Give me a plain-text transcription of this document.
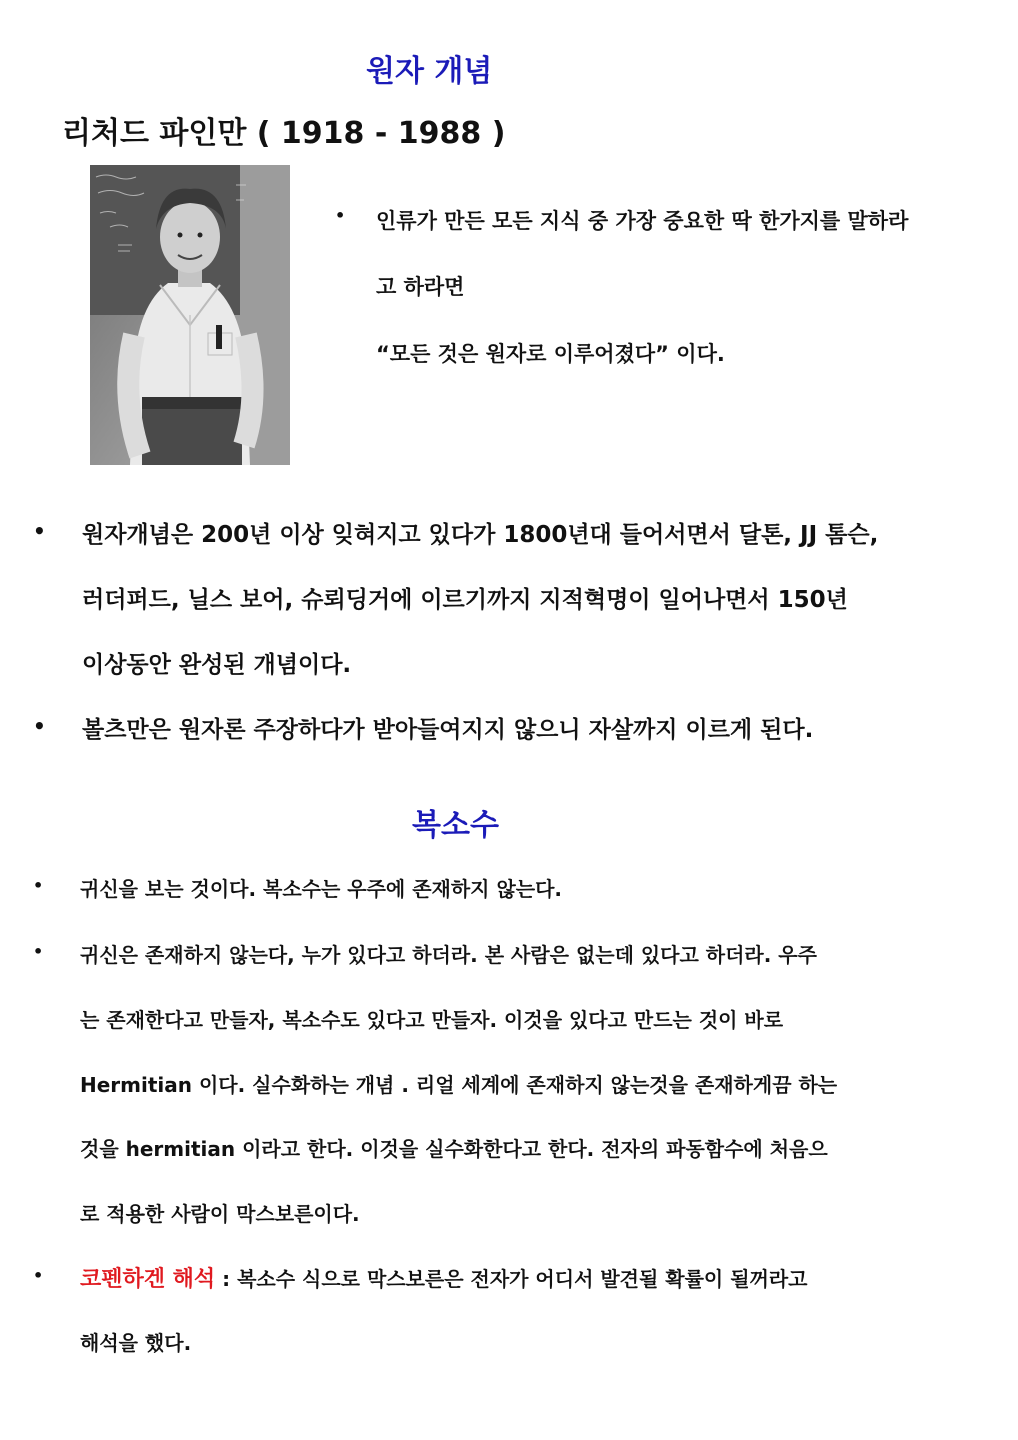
원자 개념
리처드 파인만 ( 1918 - 1988 )
• 인류가 만든 모든 지식 중 가장 중요한 딱 한가지를 말하라
고 하라면
“모든 것은 원자로 이루어졌다” 이다.
• 원자개념은 200년 이상 잊혀지고 있다가 1800년대 들어서면서 달톤, JJ 톰슨,
러더퍼드, 닐스 보어, 슈뢰딩거에 이르기까지 지적혁명이 일어나면서 150년
이상동안 완성된 개념이다.
• 볼츠만은 원자론 주장하다가 받아들여지지 않으니 자살까지 이르게 된다.
복소수
• 귀신을 보는 것이다. 복소수는 우주에 존재하지 않는다.
• 귀신은 존재하지 않는다, 누가 있다고 하더라. 본 사람은 없는데 있다고 하더라. 우주
는 존재한다고 만들자, 복소수도 있다고 만들자. 이것을 있다고 만드는 것이 바로
Hermitian 이다. 실수화하는 개념 . 리얼 세계에 존재하지 않는것을 존재하게끔 하는
것을 hermitian 이라고 한다. 이것을 실수화한다고 한다. 전자의 파동함수에 처음으
로 적용한 사람이 막스보른이다.
• 코펜하겐 해석 : 복소수 식으로 막스보른은 전자가 어디서 발견될 확률이 될꺼라고
해석을 했다.
